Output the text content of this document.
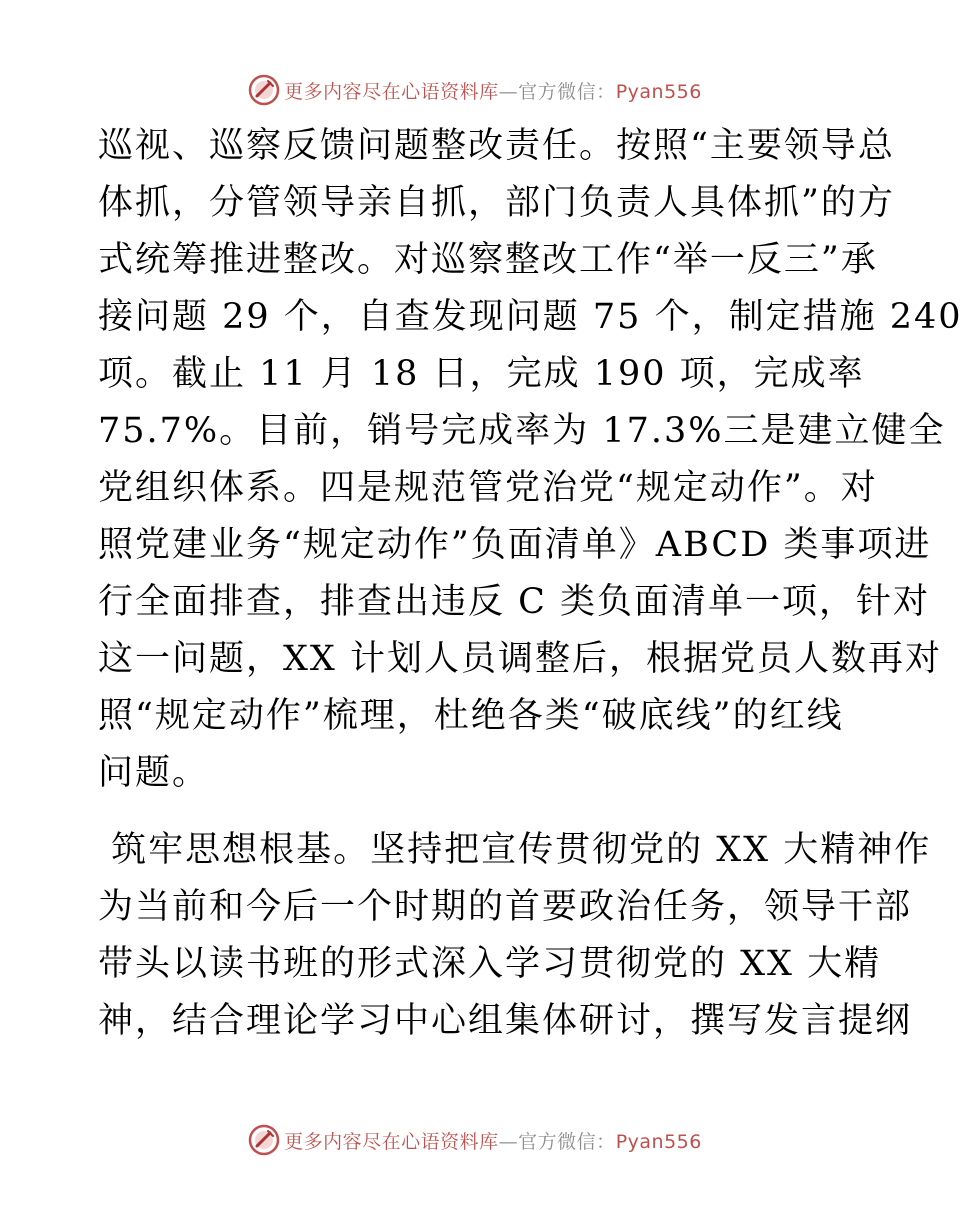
更多内容尽在心语资料库—官方微信：Pyan556
巡视、巡察反馈问题整改责任。按照“主要领导总
体抓，分管领导亲自抓，部门负责人具体抓”的方
式统筹推进整改。对巡察整改工作“举一反三”承
接问题 29 个，自查发现问题 75 个，制定措施 240
项。截止 11 月 18 日，完成 190 项，完成率
75.7%。目前，销号完成率为 17.3%三是建立健全
党组织体系。四是规范管党治党“规定动作”。对
照党建业务“规定动作”负面清单》ABCD 类事项进
行全面排查，排查出违反 C 类负面清单一项，针对
这一问题，XX 计划人员调整后，根据党员人数再对
照“规定动作”梳理，杜绝各类“破底线”的红线
问题。
筑牢思想根基。坚持把宣传贯彻党的 XX 大精神作
为当前和今后一个时期的首要政治任务，领导干部
带头以读书班的形式深入学习贯彻党的 XX 大精
神，结合理论学习中心组集体研讨，撰写发言提纲
更多内容尽在心语资料库—官方微信：Pyan556
